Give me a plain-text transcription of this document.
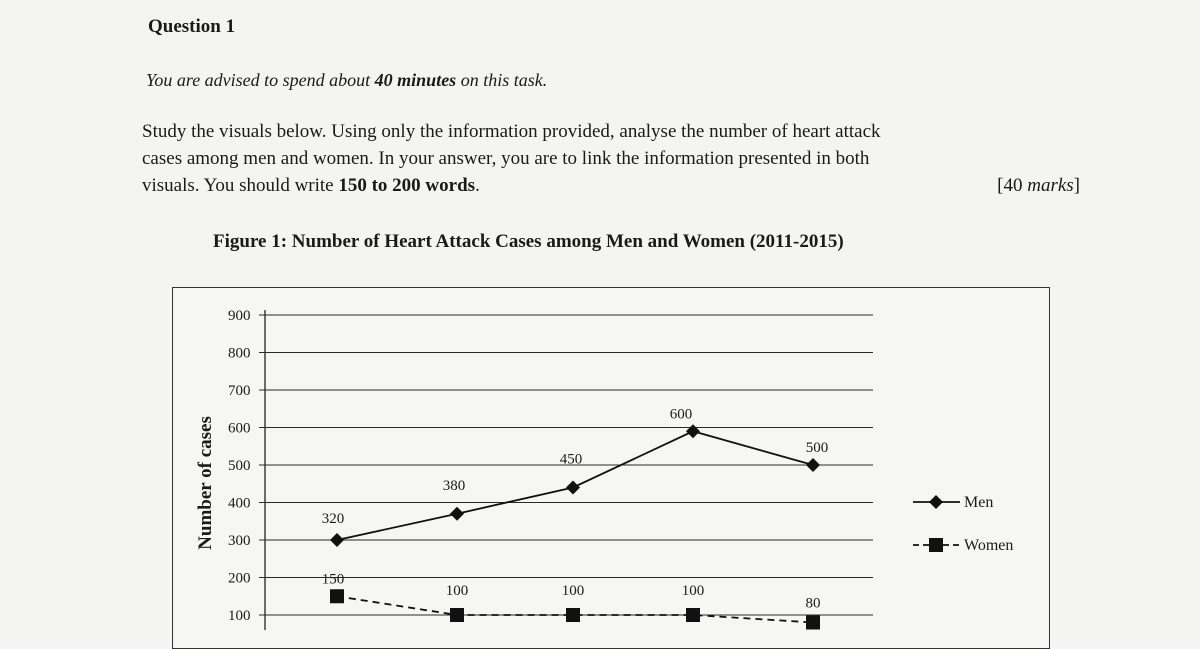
Question 1
You are advised to spend about 40 minutes on this task.
Study the visuals below. Using only the information provided, analyse the number of heart attack
cases among men and women. In your answer, you are to link the information presented in both
visuals. You should write 150 to 200 words.	[40 marks]
Figure 1: Number of Heart Attack Cases among Men and Women (2011-2015)
Number of cases
900
800
700
600
500
400
300
200
100
320
380
450
600
500
150
100	100	100
80
Men
Women
